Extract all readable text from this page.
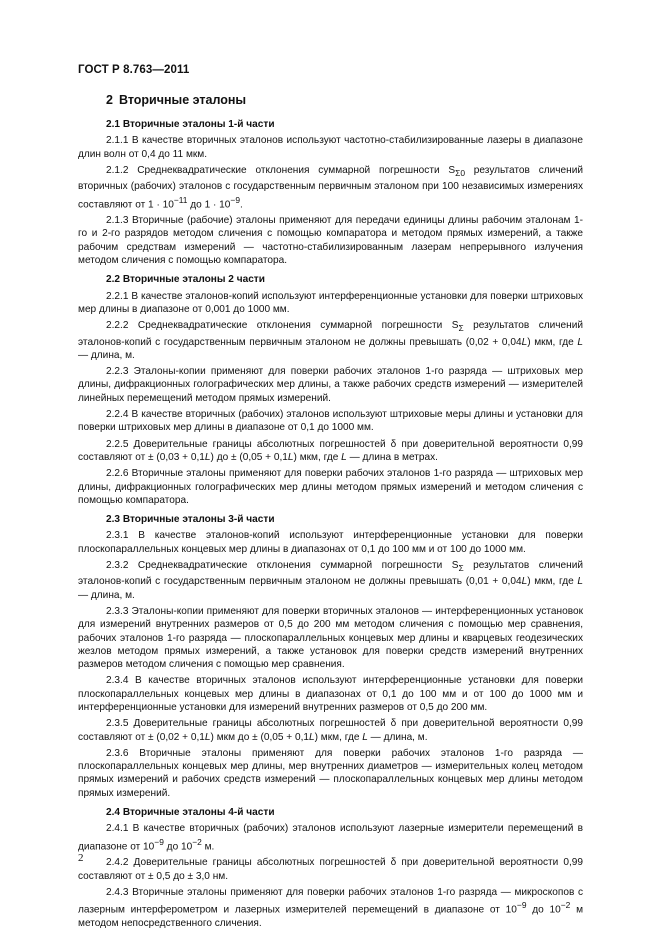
ГОСТ Р 8.763—2011
2 Вторичные эталоны
2.1 Вторичные эталоны 1-й части
2.1.1 В качестве вторичных эталонов используют частотно-стабилизированные лазеры в диапазоне длин волн от 0,4 до 11 мкм.
2.1.2 Среднеквадратические отклонения суммарной погрешности $S_{\Sigma 0}$ результатов сличений вторичных (рабочих) эталонов с государственным первичным эталоном при 100 независимых измерениях составляют от $1 \cdot 10^{-11}$ до $1 \cdot 10^{-9}$.
2.1.3 Вторичные (рабочие) эталоны применяют для передачи единицы длины рабочим эталонам 1-го и 2-го разрядов методом сличения с помощью компаратора и методом прямых измерений, а также рабочим средствам измерений — частотно-стабилизированным лазерам непрерывного излучения методом сличения с помощью компаратора.
2.2 Вторичные эталоны 2 части
2.2.1 В качестве эталонов-копий используют интерференционные установки для поверки штриховых мер длины в диапазоне от 0,001 до 1000 мм.
2.2.2 Среднеквадратические отклонения суммарной погрешности $S_\Sigma$ результатов сличений эталонов-копий с государственным первичным эталоном не должны превышать (0,02 + 0,04L) мкм, где L — длина, м.
2.2.3 Эталоны-копии применяют для поверки рабочих эталонов 1-го разряда — штриховых мер длины, дифракционных голографических мер длины, а также рабочих средств измерений — измерителей линейных перемещений методом прямых измерений.
2.2.4 В качестве вторичных (рабочих) эталонов используют штриховые меры длины и установки для поверки штриховых мер длины в диапазоне от 0,1 до 1000 мм.
2.2.5 Доверительные границы абсолютных погрешностей δ при доверительной вероятности 0,99 составляют от ± (0,03 + 0,1L) до ± (0,05 + 0,1L) мкм, где L — длина в метрах.
2.2.6 Вторичные эталоны применяют для поверки рабочих эталонов 1-го разряда — штриховых мер длины, дифракционных голографических мер длины методом прямых измерений и методом сличения с помощью компаратора.
2.3 Вторичные эталоны 3-й части
2.3.1 В качестве эталонов-копий используют интерференционные установки для поверки плоскопараллельных концевых мер длины в диапазонах от 0,1 до 100 мм и от 100 до 1000 мм.
2.3.2 Среднеквадратические отклонения суммарной погрешности $S_\Sigma$ результатов сличений эталонов-копий с государственным первичным эталоном не должны превышать (0,01 + 0,04L) мкм, где L — длина, м.
2.3.3 Эталоны-копии применяют для поверки вторичных эталонов — интерференционных установок для измерений внутренних размеров от 0,5 до 200 мм методом сличения с помощью мер сравнения, рабочих эталонов 1-го разряда — плоскопараллельных концевых мер длины и кварцевых геодезических жезлов методом прямых измерений, а также установок для поверки средств измерений внутренних размеров методом сличения с помощью мер сравнения.
2.3.4 В качестве вторичных эталонов используют интерференционные установки для поверки плоскопараллельных концевых мер длины в диапазонах от 0,1 до 100 мм и от 100 до 1000 мм и интерференционные установки для измерений внутренних размеров от 0,5 до 200 мм.
2.3.5 Доверительные границы абсолютных погрешностей δ при доверительной вероятности 0,99 составляют от ± (0,02 + 0,1L) мкм до ± (0,05 + 0,1L) мкм, где L — длина, м.
2.3.6 Вторичные эталоны применяют для поверки рабочих эталонов 1-го разряда — плоскопараллельных концевых мер длины, мер внутренних диаметров — измерительных колец методом прямых измерений и рабочих средств измерений — плоскопараллельных концевых мер длины методом прямых измерений.
2.4 Вторичные эталоны 4-й части
2.4.1 В качестве вторичных (рабочих) эталонов используют лазерные измерители перемещений в диапазоне от $10^{-9}$ до $10^{-2}$ м.
2.4.2 Доверительные границы абсолютных погрешностей δ при доверительной вероятности 0,99 составляют от ± 0,5 до ± 3,0 нм.
2.4.3 Вторичные эталоны применяют для поверки рабочих эталонов 1-го разряда — микроскопов с лазерным интерферометром и лазерных измерителей перемещений в диапазоне от $10^{-9}$ до $10^{-2}$ м методом непосредственного сличения.
2
